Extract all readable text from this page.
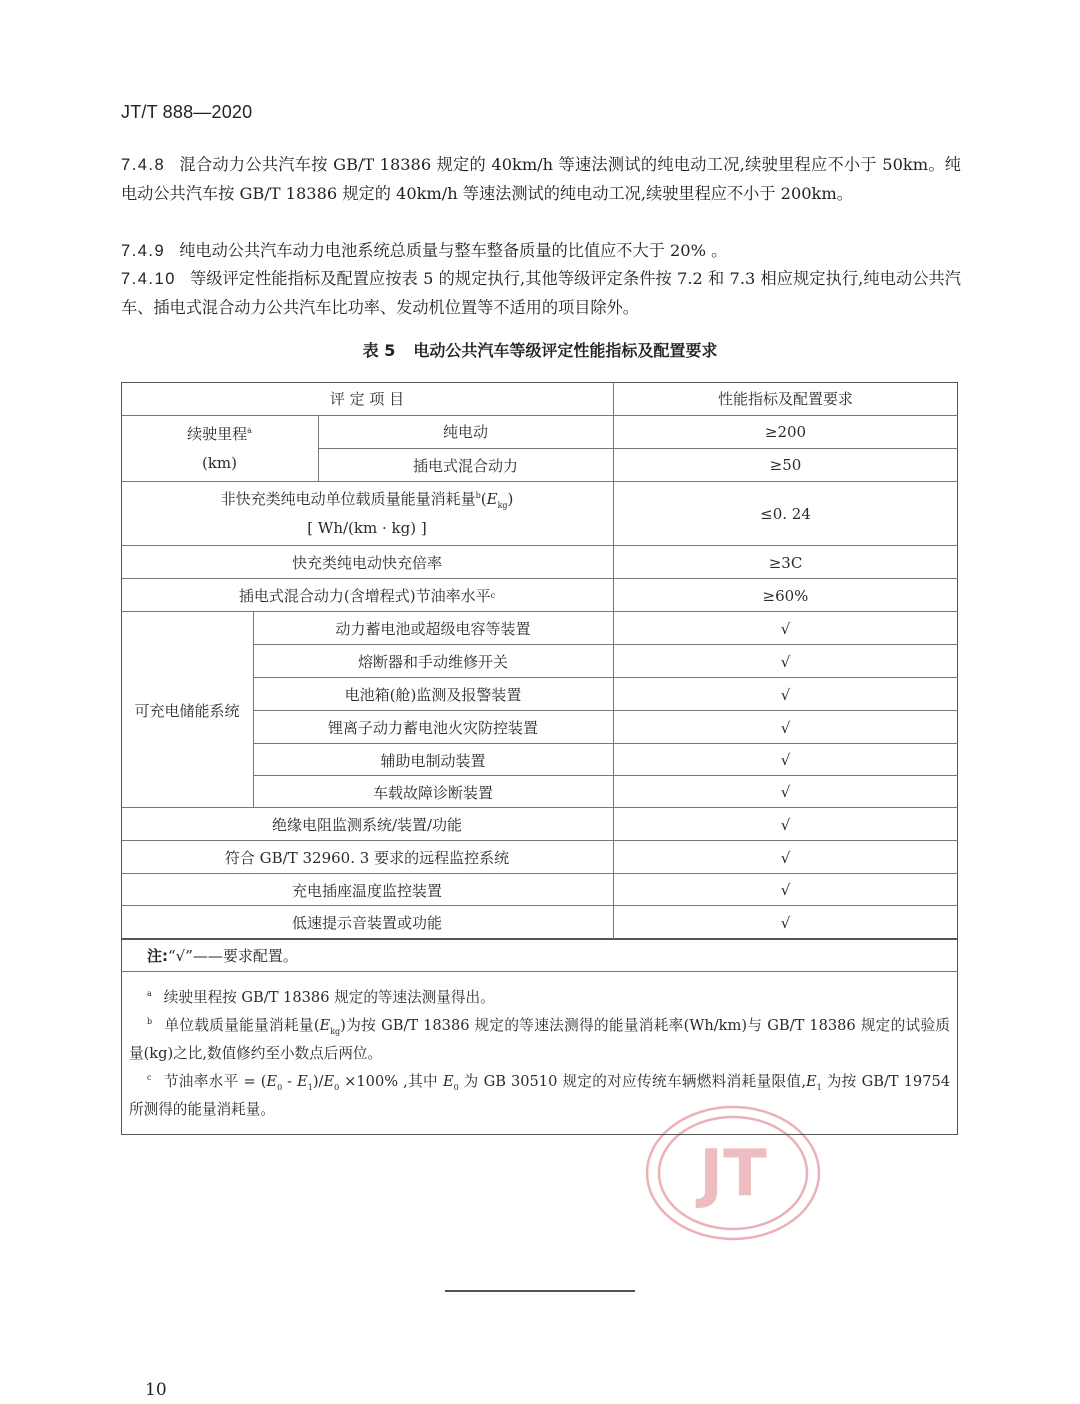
JT/T 888—2020
7.4.8 混合动力公共汽车按 GB/T 18386 规定的 40km/h 等速法测试的纯电动工况,续驶里程应不小于 50km。纯电动公共汽车按 GB/T 18386 规定的 40km/h 等速法测试的纯电动工况,续驶里程应不小于 200km。
7.4.9 纯电动公共汽车动力电池系统总质量与整车整备质量的比值应不大于 20% 。
7.4.10 等级评定性能指标及配置应按表 5 的规定执行,其他等级评定条件按 7.2 和 7.3 相应规定执行,纯电动公共汽车、插电式混合动力公共汽车比功率、发动机位置等不适用的项目除外。
表 5 电动公共汽车等级评定性能指标及配置要求
JT
评 定 项 目	性能指标及配置要求
续驶里程$^a$
(km)
纯电动	≥200
插电式混合动力	≥50
非快充类纯电动单位载质量能量消耗量$^b(E_{kg})$
[ Wh/(km · kg) ]
≤0. 24
快充类纯电动快充倍率	≥3C
插电式混合动力(含增程式)节油率水平 c	≥60%
可充电储能系统
动力蓄电池或超级电容等装置	√
熔断器和手动维修开关	√
电池箱(舱)监测及报警装置	√
锂离子动力蓄电池火灾防控装置	√
辅助电制动装置	√
车载故障诊断装置	√
绝缘电阻监测系统/装置/功能	√
符合 GB/T 32960. 3 要求的远程监控系统	√
充电插座温度监控装置	√
低速提示音装置或功能	√
注:“√”——要求配置。
$^a$ 续驶里程按 GB/T 18386 规定的等速法测量得出。
$^b$ 单位载质量能量消耗量$(E_{kg})$为按 GB/T 18386 规定的等速法测得的能量消耗率(Wh/km)与 GB/T 18386 规定的试验质量(kg)之比,数值修约至小数点后两位。
$^c$ 节油率水平 = $(E_0 - E_1)/E_0 \times 100\%$ ,其中 $E_0$ 为 GB 30510 规定的对应传统车辆燃料消耗量限值$,E_1$ 为按 GB/T 19754 所测得的能量消耗量。
10
